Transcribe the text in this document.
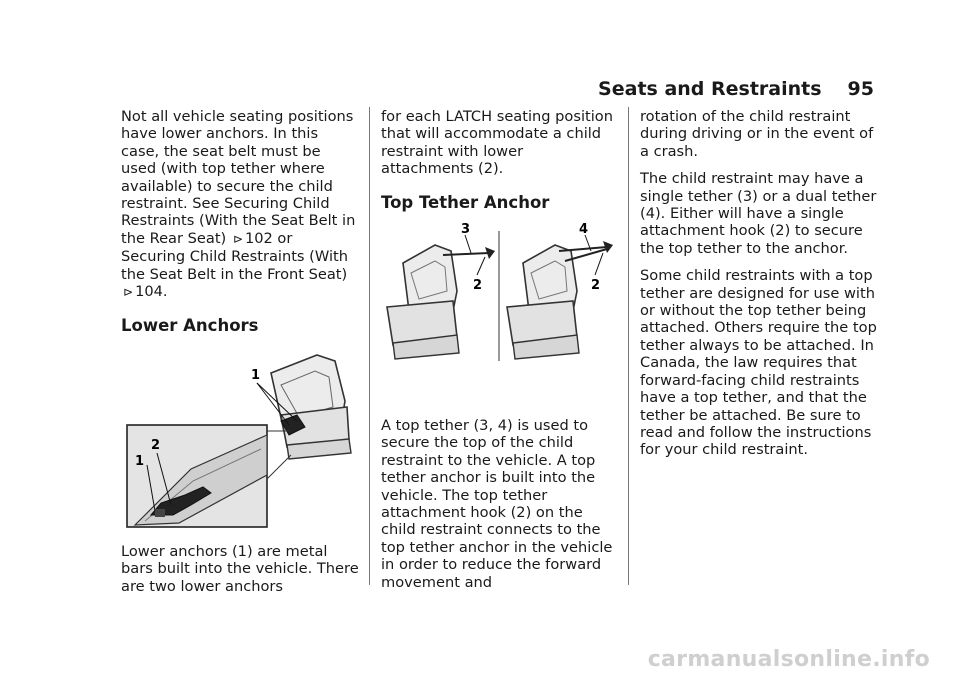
Seats and Restraints 95

Not all vehicle seating positions have lower anchors. In this case, the seat belt must be used (with top tether where available) to secure the child restraint. See Securing Child Restraints (With the Seat Belt in the Rear Seat) ⊳ 102 or
Securing Child Restraints (With the Seat Belt in the Front Seat) ⊳ 104.

Lower Anchors
1
2
1

Lower anchors (1) are metal bars built into the vehicle. There are two lower anchors

for each LATCH seating position that will accommodate a child restraint with lower attachments (2).

Top Tether Anchor
3
2
4
2

A top tether (3, 4) is used to secure the top of the child restraint to the vehicle. A top tether anchor is built into the vehicle. The top tether attachment hook (2) on the child restraint connects to the top tether anchor in the vehicle in order to reduce the forward movement and

rotation of the child restraint during driving or in the event of a crash.

The child restraint may have a single tether (3) or a dual tether (4). Either will have a single attachment hook (2) to secure the top tether to the anchor.

Some child restraints with a top tether are designed for use with or without the top tether being attached. Others require the top tether always to be attached. In Canada, the law requires that forward-facing child restraints have a top tether, and that the tether be attached. Be sure to read and follow the instructions for your child restraint.

carmanualsonline.info
